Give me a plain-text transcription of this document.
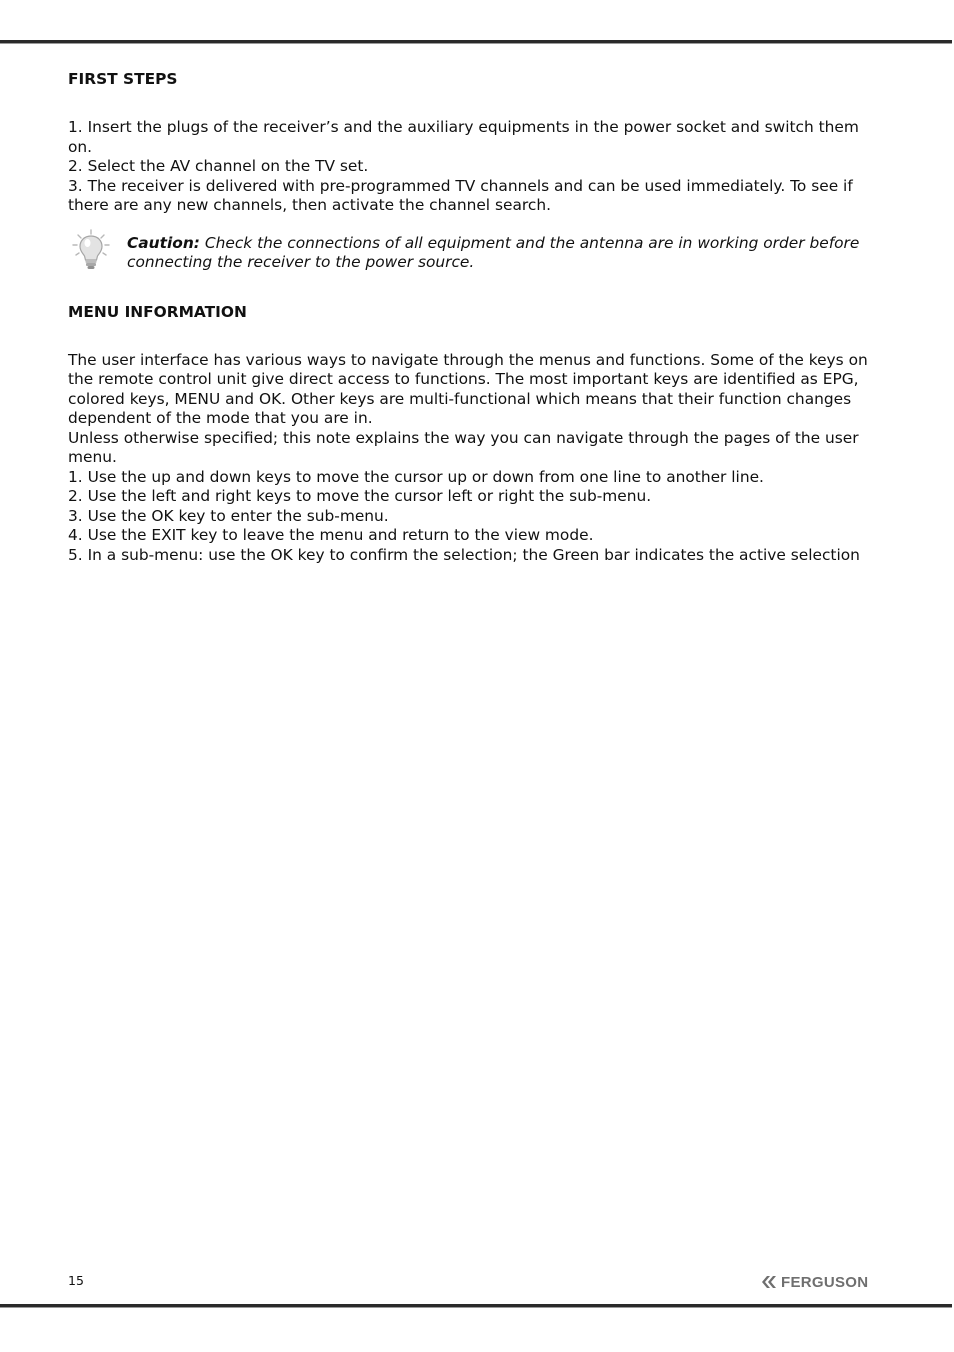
FIRST STEPS

1. Insert the plugs of the receiver’s and the auxiliary equipments in the power socket and switch them on.
2. Select the AV channel on the TV set.
3. The receiver is delivered with pre-programmed TV channels and can be used immediately. To see if there are any new channels, then activate the channel search.

Caution: Check the connections of all equipment and the antenna are in working order before connecting the receiver to the power source.
MENU INFORMATION

The user interface has various ways to navigate through the menus and functions. Some of the keys on the remote control unit give direct access to functions. The most important keys are identified as EPG, colored keys, MENU and OK. Other keys are multi-functional which means that their function changes dependent of the mode that you are in.
Unless otherwise specified; this note explains the way you can navigate through the pages of the user menu.
1. Use the up and down keys to move the cursor up or down from one line to another line.
2. Use the left and right keys to move the cursor left or right the sub-menu.
3. Use the OK key to enter the sub-menu.
4. Use the EXIT key to leave the menu and return to the view mode.
5. In a sub-menu: use the OK key to confirm the selection; the Green bar indicates the active selection

15	FERGUSON
